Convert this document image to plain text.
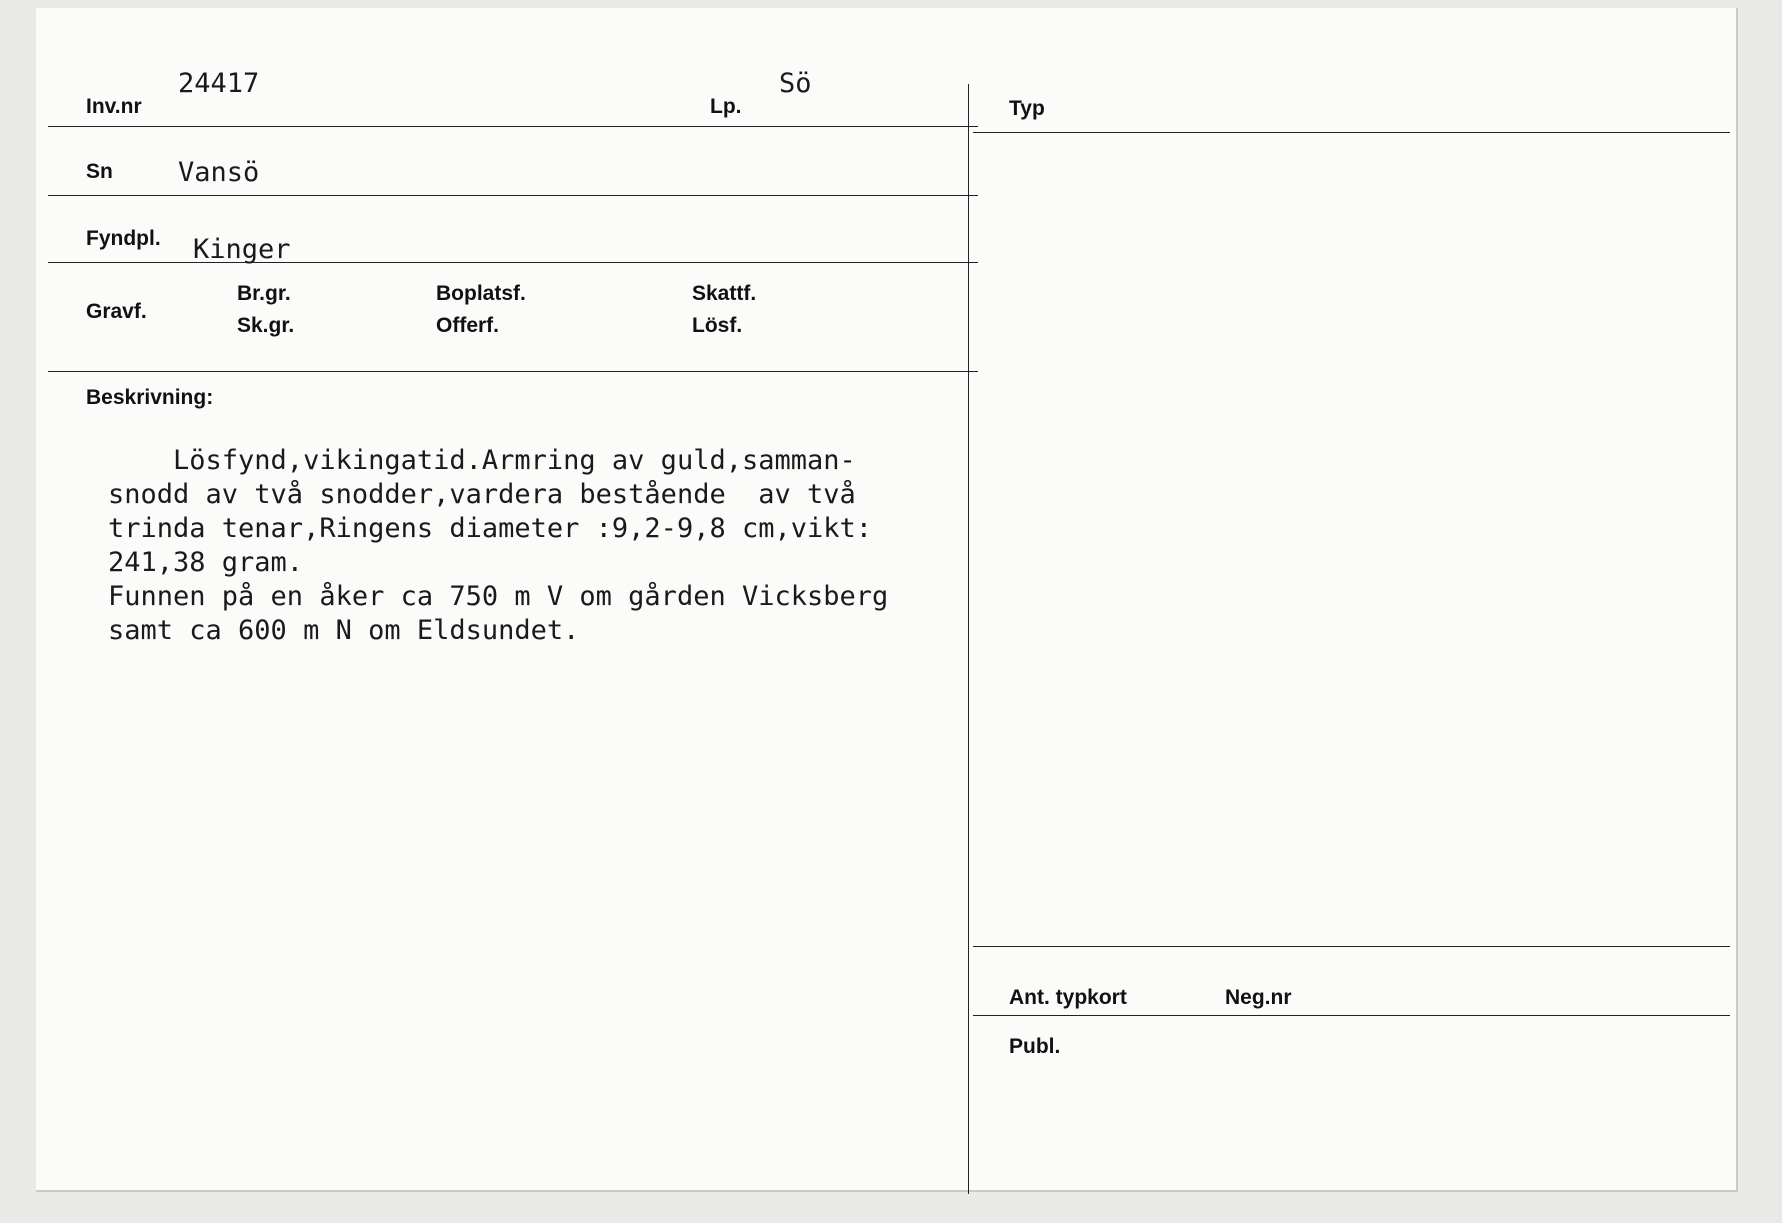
Inv.nr
24417
Lp.
Sö
Typ
Sn Vansö
Fyndpl. Kinger
Gravf.
Br.gr.
Sk.gr.
Boplatsf.
Offerf.
Skattf.
Lösf.
Beskrivning:
Lösfynd,vikingatid.Armring av guld,samman-
snodd av två snodder,vardera bestående  av två
trinda tenar,Ringens diameter :9,2-9,8 cm,vikt:
241,38 gram.
Funnen på en åker ca 750 m V om gården Vicksberg
samt ca 600 m N om Eldsundet.
Ant. typkort	Neg.nr
Publ.
